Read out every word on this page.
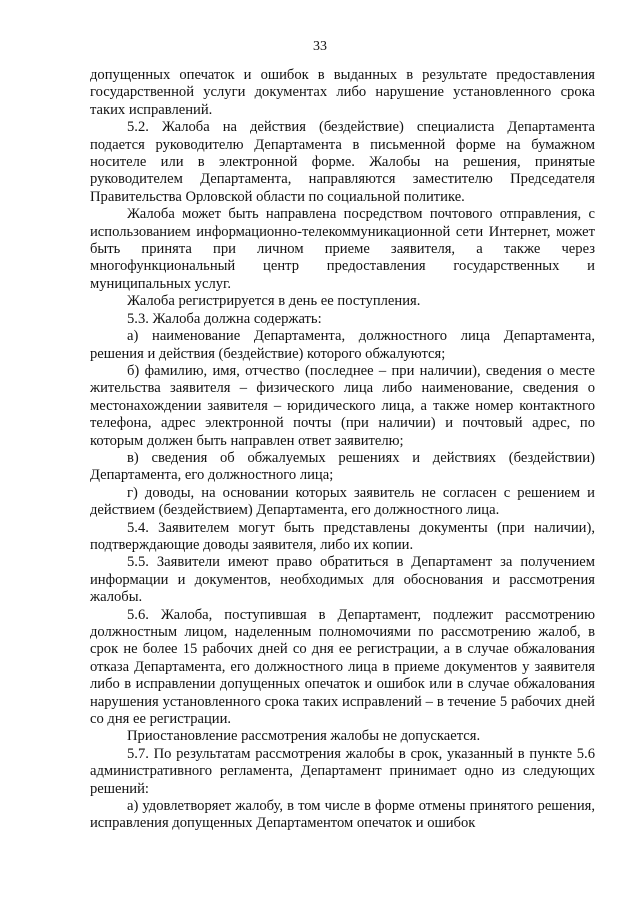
33

допущенных опечаток и ошибок в выданных в результате предоставления государственной услуги документах либо нарушение установленного срока таких исправлений.

5.2. Жалоба на действия (бездействие) специалиста Департамента подается руководителю Департамента в письменной форме на бумажном носителе или в электронной форме. Жалобы на решения, принятые руководителем Департамента, направляются заместителю Председателя Правительства Орловской области по социальной политике.

Жалоба может быть направлена посредством почтового отправления, с использованием информационно-телекоммуникационной сети Интернет, может быть принята при личном приеме заявителя, а также через многофункциональный центр предоставления государственных и муниципальных услуг.

Жалоба регистрируется в день ее поступления.

5.3. Жалоба должна содержать:

а) наименование Департамента, должностного лица Департамента, решения и действия (бездействие) которого обжалуются;

б) фамилию, имя, отчество (последнее – при наличии), сведения о месте жительства заявителя – физического лица либо наименование, сведения о местонахождении заявителя – юридического лица, а также номер контактного телефона, адрес электронной почты (при наличии) и почтовый адрес, по которым должен быть направлен ответ заявителю;

в) сведения об обжалуемых решениях и действиях (бездействии) Департамента, его должностного лица;

г) доводы, на основании которых заявитель не согласен с решением и действием (бездействием) Департамента, его должностного лица.

5.4. Заявителем могут быть представлены документы (при наличии), подтверждающие доводы заявителя, либо их копии.

5.5. Заявители имеют право обратиться в Департамент за получением информации и документов, необходимых для обоснования и рассмотрения жалобы.

5.6. Жалоба, поступившая в Департамент, подлежит рассмотрению должностным лицом, наделенным полномочиями по рассмотрению жалоб, в срок не более 15 рабочих дней со дня ее регистрации, а в случае обжалования отказа Департамента, его должностного лица в приеме документов у заявителя либо в исправлении допущенных опечаток и ошибок или в случае обжалования нарушения установленного срока таких исправлений – в течение 5 рабочих дней со дня ее регистрации.

Приостановление рассмотрения жалобы не допускается.

5.7. По результатам рассмотрения жалобы в срок, указанный в пункте 5.6 административного регламента, Департамент принимает одно из следующих решений:

а) удовлетворяет жалобу, в том числе в форме отмены принятого решения, исправления допущенных Департаментом опечаток и ошибок
